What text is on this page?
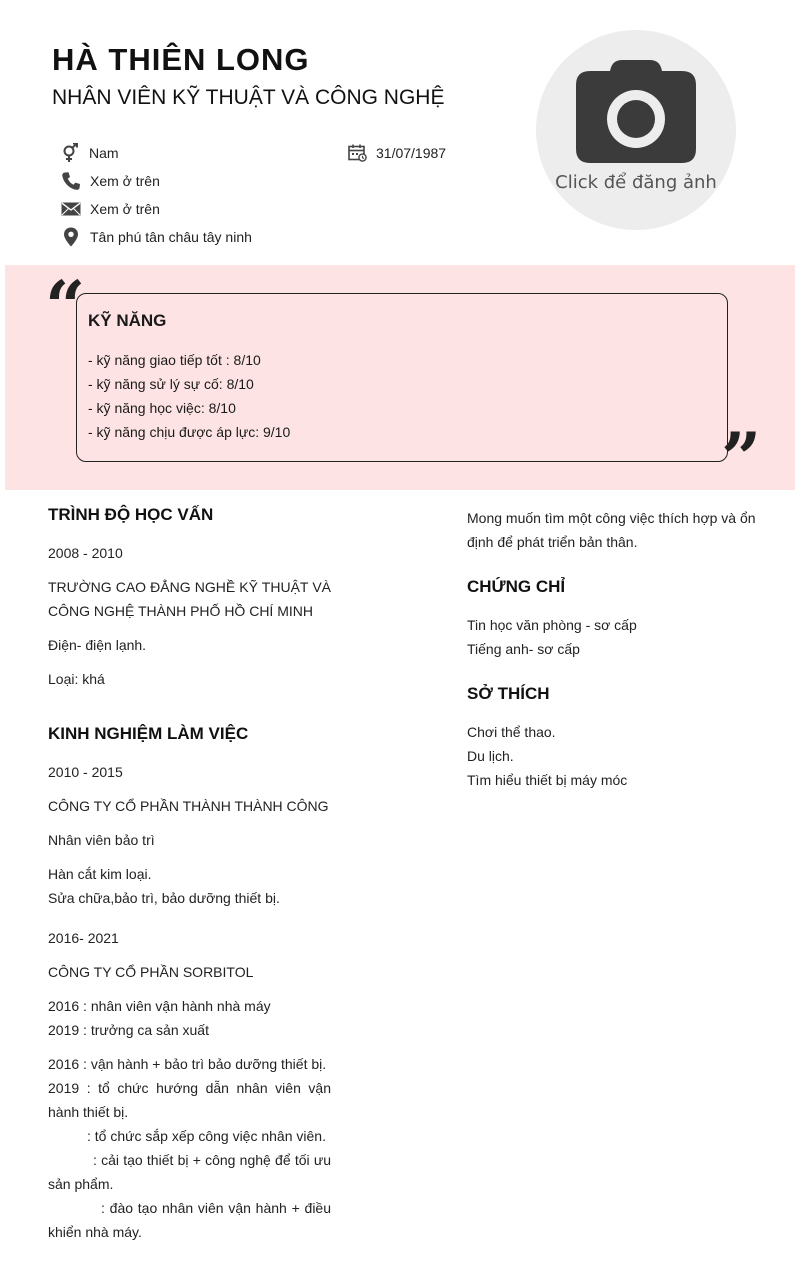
HÀ THIÊN LONG
NHÂN VIÊN KỸ THUẬT VÀ CÔNG NGHỆ
Nam	31/07/1987
Xem ở trên
Xem ở trên
Tân phú tân châu tây ninh
Click để đăng ảnh
“
”
KỸ NĂNG
- kỹ năng giao tiếp tốt : 8/10
- kỹ năng sử lý sự cố: 8/10
- kỹ năng học việc: 8/10
- kỹ năng chịu được áp lực: 9/10
TRÌNH ĐỘ HỌC VẤN
2008 - 2010
TRƯỜNG CAO ĐẲNG NGHỀ KỸ THUẬT VÀ CÔNG NGHỆ THÀNH PHỐ HỒ CHÍ MINH
Điện- điện lạnh.
Loại: khá
KINH NGHIỆM LÀM VIỆC
2010 - 2015
CÔNG TY CỔ PHẦN THÀNH THÀNH CÔNG
Nhân viên bảo trì
Hàn cắt kim loại.
Sửa chữa,bảo trì, bảo dưỡng thiết bị.
2016- 2021
CÔNG TY CỔ PHẦN SORBITOL
2016 : nhân viên vận hành nhà máy
2019 : trưởng ca sản xuất
2016 : vận hành + bảo trì bảo dưỡng thiết bị.
2019 : tổ chức hướng dẫn nhân viên vận hành thiết bị.
: tổ chức sắp xếp công việc nhân viên.
: cải tạo thiết bị + công nghệ để tối ưu sản phẩm.
: đào tạo nhân viên vận hành + điều khiển nhà máy.
Mong muốn tìm một công việc thích hợp và ổn định để phát triển bản thân.
CHỨNG CHỈ
Tin học văn phòng - sơ cấp
Tiếng anh- sơ cấp
SỞ THÍCH
Chơi thể thao.
Du lịch.
Tìm hiểu thiết bị máy móc
